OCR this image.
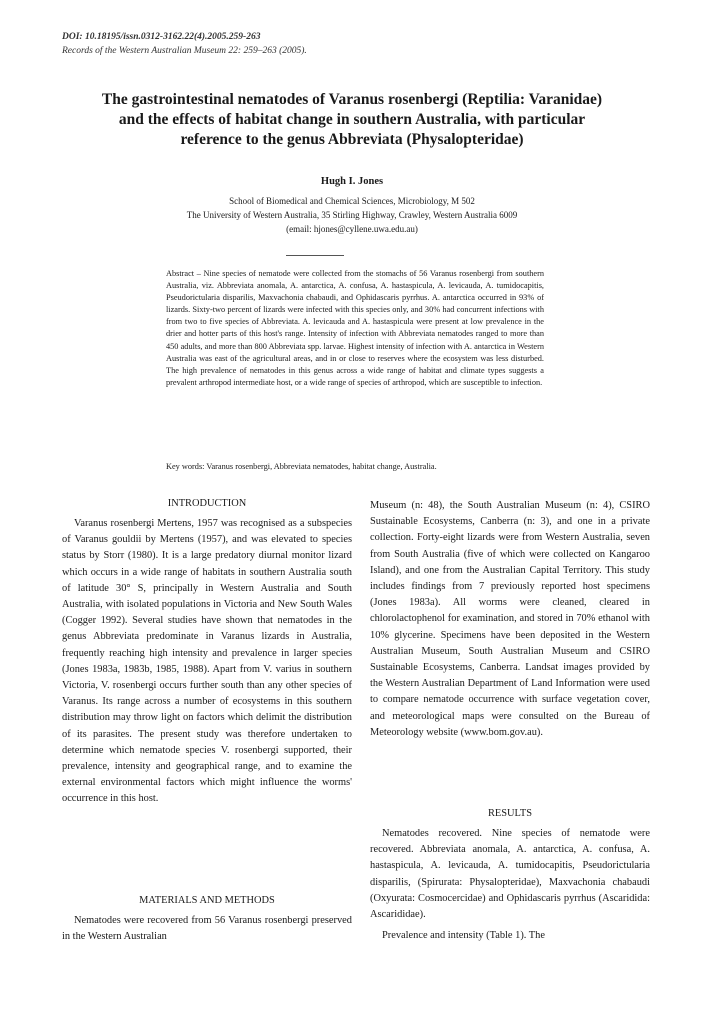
DOI: 10.18195/issn.0312-3162.22(4).2005.259-263
Records of the Western Australian Museum 22: 259–263 (2005).
The gastrointestinal nematodes of Varanus rosenbergi (Reptilia: Varanidae)
and the effects of habitat change in southern Australia, with particular
reference to the genus Abbreviata (Physalopteridae)
Hugh I. Jones
School of Biomedical and Chemical Sciences, Microbiology, M 502
The University of Western Australia, 35 Stirling Highway, Crawley, Western Australia 6009
(email: hjones@cyllene.uwa.edu.au)

Abstract – Nine species of nematode were collected from the stomachs of 56 Varanus rosenbergi from southern Australia, viz. Abbreviata anomala, A. antarctica, A. confusa, A. hastaspicula, A. levicauda, A. tumidocapitis, Pseudorictularia disparilis, Maxvachonia chabaudi, and Ophidascaris pyrrhus. A. antarctica occurred in 93% of lizards. Sixty-two percent of lizards were infected with this species only, and 30% had concurrent infections with from two to five species of Abbreviata. A. levicauda and A. hastaspicula were present at low prevalence in the drier and hotter parts of this host's range. Intensity of infection with Abbreviata nematodes ranged to more than 450 adults, and more than 800 Abbreviata spp. larvae. Highest intensity of infection with A. antarctica in Western Australia was east of the agricultural areas, and in or close to reserves where the ecosystem was less disturbed. The high prevalence of nematodes in this genus across a wide range of habitat and climate types suggests a prevalent arthropod intermediate host, or a wide range of species of arthropod, which are susceptible to infection.

Key words: Varanus rosenbergi, Abbreviata nematodes, habitat change, Australia.

INTRODUCTION

Varanus rosenbergi Mertens, 1957 was recognised as a subspecies of Varanus gouldii by Mertens (1957), and was elevated to species status by Storr (1980). It is a large predatory diurnal monitor lizard which occurs in a wide range of habitats in southern Australia south of latitude 30° S, principally in Western Australia and South Australia, with isolated populations in Victoria and New South Wales (Cogger 1992). Several studies have shown that nematodes in the genus Abbreviata predominate in Varanus lizards in Australia, frequently reaching high intensity and prevalence in larger species (Jones 1983a, 1983b, 1985, 1988). Apart from V. varius in southern Victoria, V. rosenbergi occurs further south than any other species of Varanus. Its range across a number of ecosystems in this southern distribution may throw light on factors which delimit the distribution of its parasites. The present study was therefore undertaken to determine which nematode species V. rosenbergi supported, their prevalence, intensity and geographical range, and to examine the external environmental factors which might influence the worms' occurrence in this host.

MATERIALS AND METHODS

Nematodes were recovered from 56 Varanus rosenbergi preserved in the Western Australian

Museum (n: 48), the South Australian Museum (n: 4), CSIRO Sustainable Ecosystems, Canberra (n: 3), and one in a private collection. Forty-eight lizards were from Western Australia, seven from South Australia (five of which were collected on Kangaroo Island), and one from the Australian Capital Territory. This study includes findings from 7 previously reported host specimens (Jones 1983a). All worms were cleaned, cleared in chlorolactophenol for examination, and stored in 70% ethanol with 10% glycerine. Specimens have been deposited in the Western Australian Museum, South Australian Museum and CSIRO Sustainable Ecosystems, Canberra. Landsat images provided by the Western Australian Department of Land Information were used to compare nematode occurrence with surface vegetation cover, and meteorological maps were consulted on the Bureau of Meteorology website (www.bom.gov.au).

RESULTS

Nematodes recovered. Nine species of nematode were recovered. Abbreviata anomala, A. antarctica, A. confusa, A. hastaspicula, A. levicauda, A. tumidocapitis, Pseudorictularia disparilis, (Spirurata: Physalopteridae), Maxvachonia chabaudi (Oxyurata: Cosmocercidae) and Ophidascaris pyrrhus (Ascaridida: Ascarididae).

Prevalence and intensity (Table 1). The
